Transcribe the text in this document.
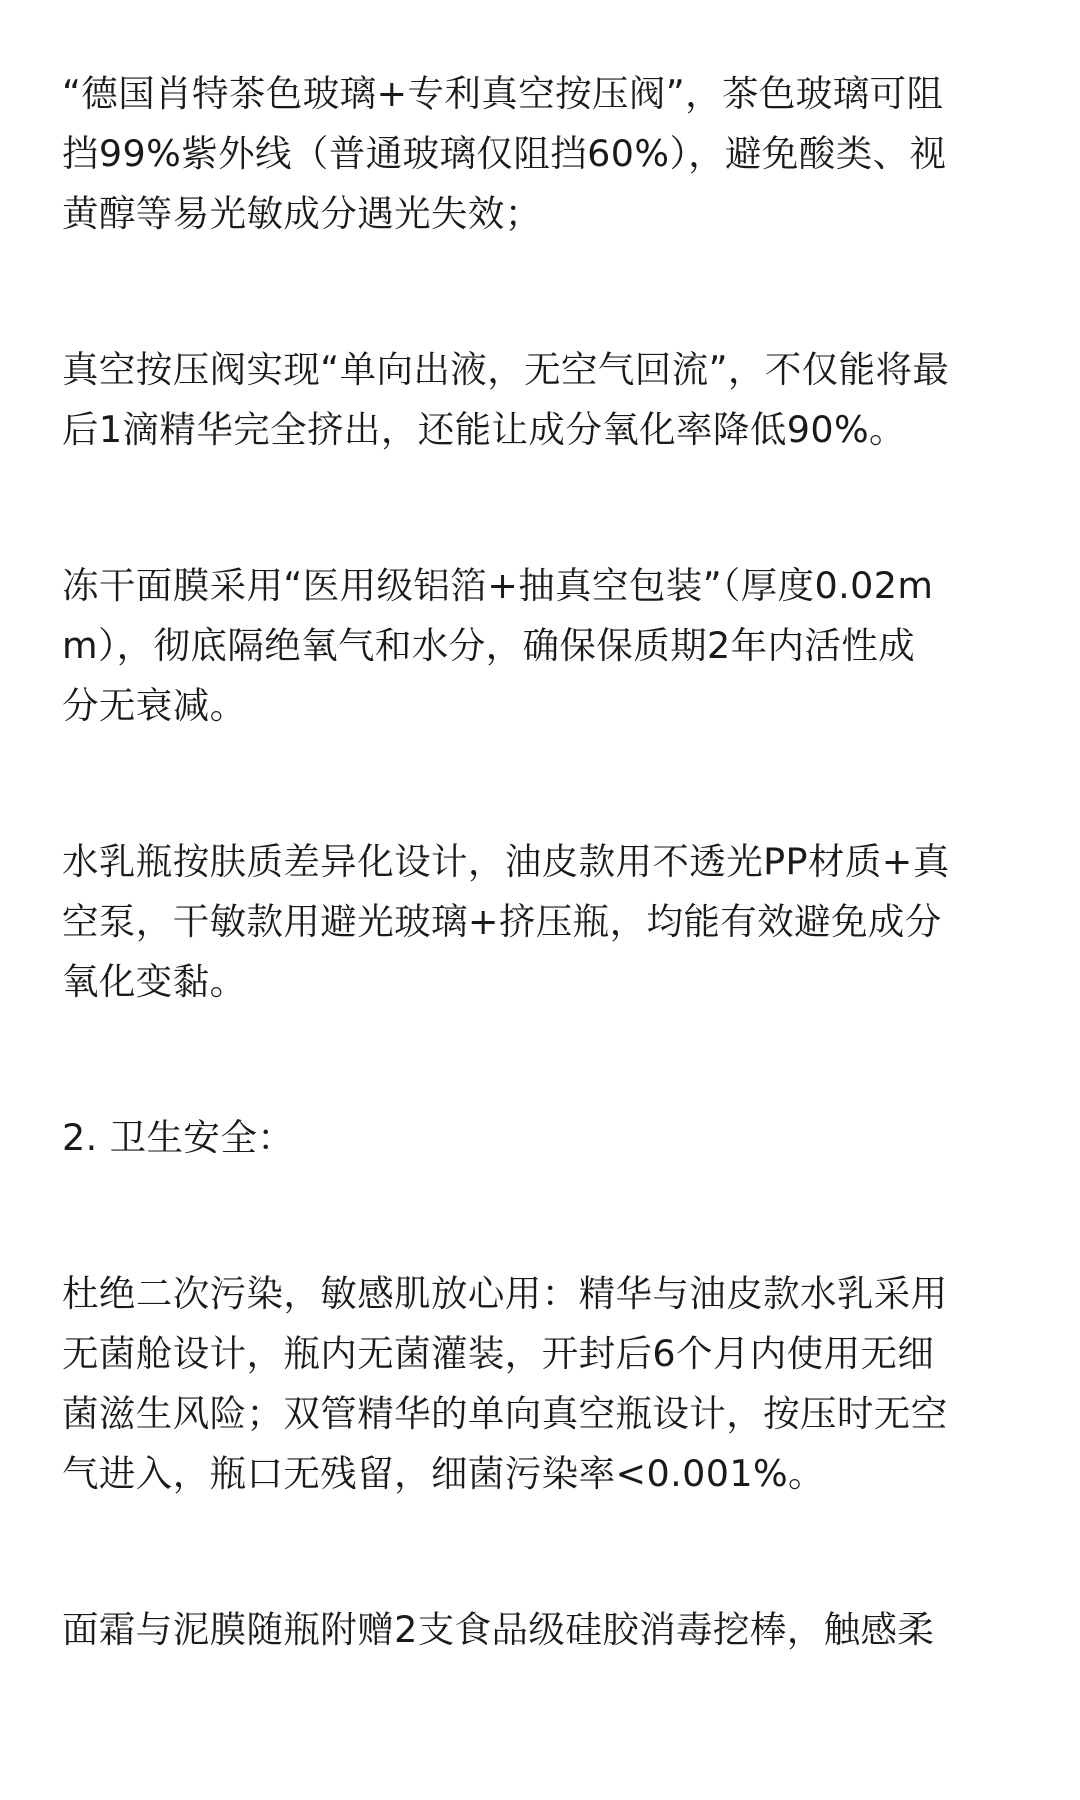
“德国肖特茶色玻璃+专利真空按压阀”，茶色玻璃可阻
挡99%紫外线（普通玻璃仅阻挡60%），避免酸类、视
黄醇等易光敏成分遇光失效；

真空按压阀实现“单向出液，无空气回流”，不仅能将最
后1滴精华完全挤出，还能让成分氧化率降低90%。

冻干面膜采用“医用级铝箔+抽真空包装”（厚度0.02m
m），彻底隔绝氧气和水分，确保保质期2年内活性成
分无衰减。

水乳瓶按肤质差异化设计，油皮款用不透光PP材质+真
空泵，干敏款用避光玻璃+挤压瓶，均能有效避免成分
氧化变黏。

2. 卫生安全：

杜绝二次污染，敏感肌放心用：精华与油皮款水乳采用
无菌舱设计，瓶内无菌灌装，开封后6个月内使用无细
菌滋生风险；双管精华的单向真空瓶设计，按压时无空
气进入，瓶口无残留，细菌污染率<0.001%。

面霜与泥膜随瓶附赠2支食品级硅胶消毒挖棒，触感柔
